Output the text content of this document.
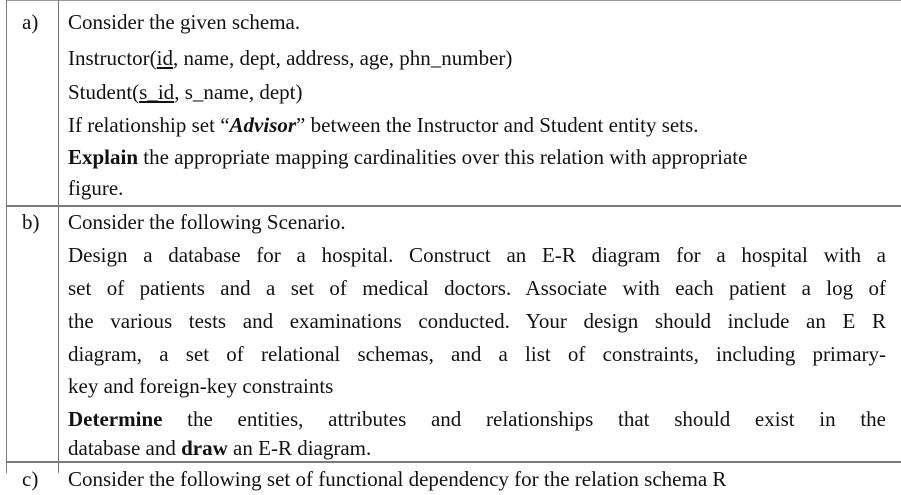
a) Consider the given schema.
Instructor(id, name, dept, address, age, phn_number)
Student(s_id, s_name, dept)
If relationship set “Advisor” between the Instructor and Student entity sets.
Explain the appropriate mapping cardinalities over this relation with appropriate
figure.
b) Consider the following Scenario.
Design a database for a hospital. Construct an E-R diagram for a hospital with a
set of patients and a set of medical doctors. Associate with each patient a log of
the various tests and examinations conducted. Your design should include an E R
diagram, a set of relational schemas, and a list of constraints, including primary-
key and foreign-key constraints
Determine the entities, attributes and relationships that should exist in the
database and draw an E-R diagram.
c) Consider the following set of functional dependency for the relation schema R
